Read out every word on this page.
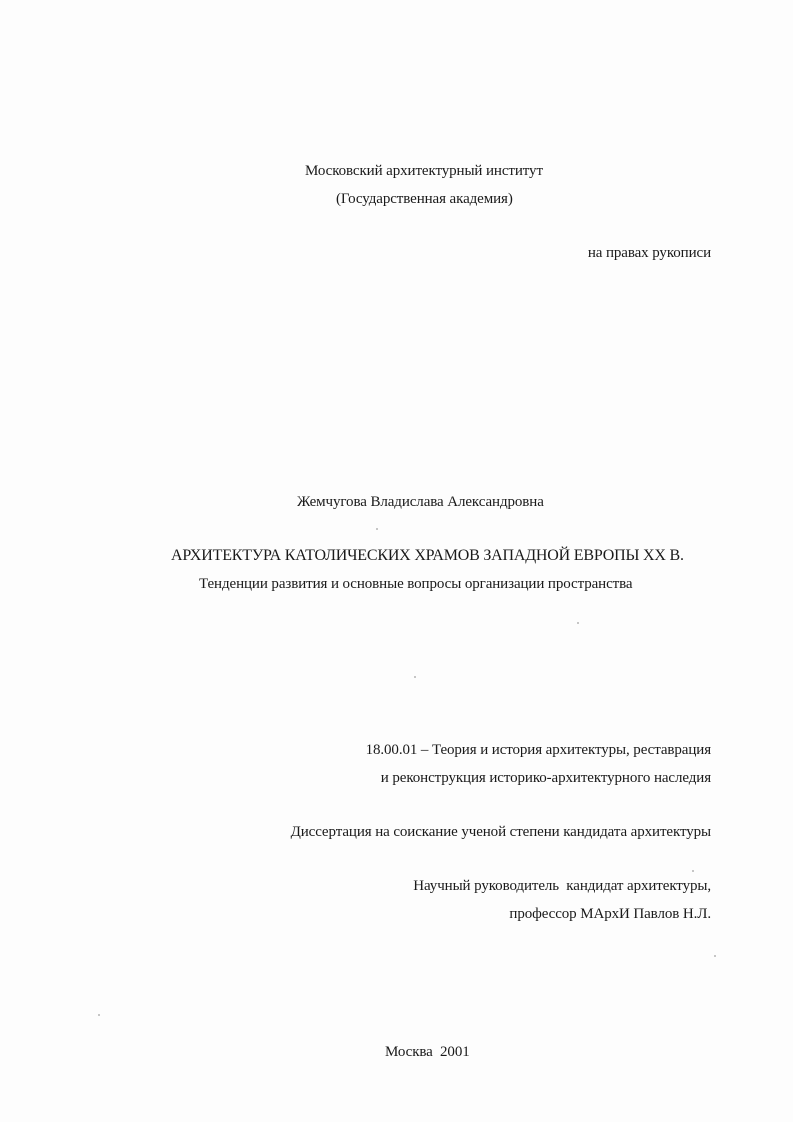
Московский архитектурный институт
(Государственная академия)
на правах рукописи
Жемчугова Владислава Александровна
АРХИТЕКТУРА КАТОЛИЧЕСКИХ ХРАМОВ ЗАПАДНОЙ ЕВРОПЫ XX В.
Тенденции развития и основные вопросы организации пространства
18.00.01 – Теория и история архитектуры, реставрация
и реконструкция историко-архитектурного наследия
Диссертация на соискание ученой степени кандидата архитектуры
Научный руководитель  кандидат архитектуры,
профессор МАрхИ Павлов Н.Л.
Москва  2001
